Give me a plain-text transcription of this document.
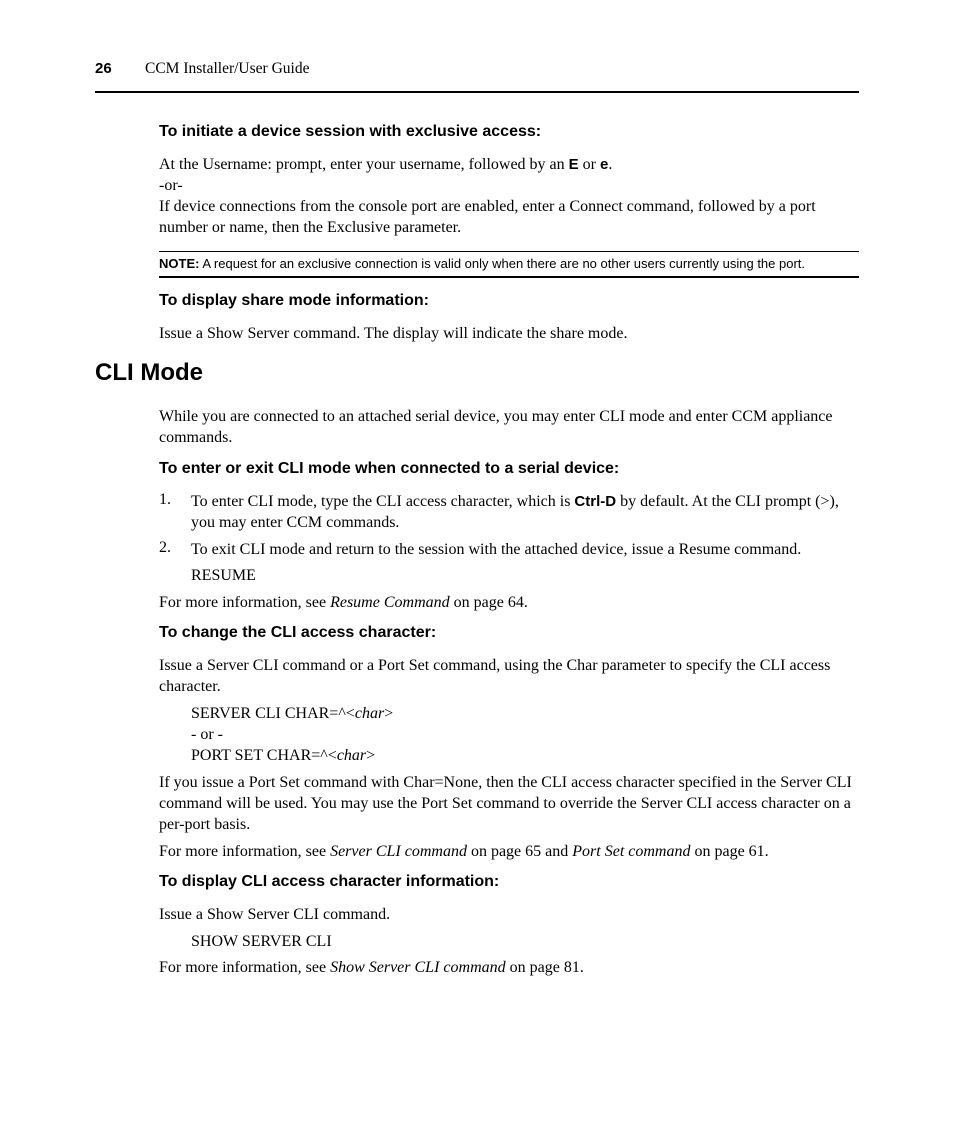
26 CCM Installer/User Guide
To initiate a device session with exclusive access:

At the Username: prompt, enter your username, followed by an E or e.

-or-

If device connections from the console port are enabled, enter a Connect command, followed by a port number or name, then the Exclusive parameter.

NOTE: A request for an exclusive connection is valid only when there are no other users currently using the port.
To display share mode information:

Issue a Show Server command. The display will indicate the share mode.

CLI Mode

While you are connected to an attached serial device, you may enter CLI mode and enter CCM appliance commands.

To enter or exit CLI mode when connected to a serial device:
1. To enter CLI mode, type the CLI access character, which is Ctrl-D by default. At the CLI prompt (>), you may enter CCM commands.
2. To exit CLI mode and return to the session with the attached device, issue a Resume command.
RESUME

For more information, see Resume Command on page 64.

To change the CLI access character:

Issue a Server CLI command or a Port Set command, using the Char parameter to specify the CLI access character.

SERVER CLI CHAR=^<char>
- or -
PORT SET CHAR=^<char>

If you issue a Port Set command with Char=None, then the CLI access character specified in the Server CLI command will be used. You may use the Port Set command to override the Server CLI access character on a per-port basis.

For more information, see Server CLI command on page 65 and Port Set command on page 61.

To display CLI access character information:

Issue a Show Server CLI command.

SHOW SERVER CLI

For more information, see Show Server CLI command on page 81.
